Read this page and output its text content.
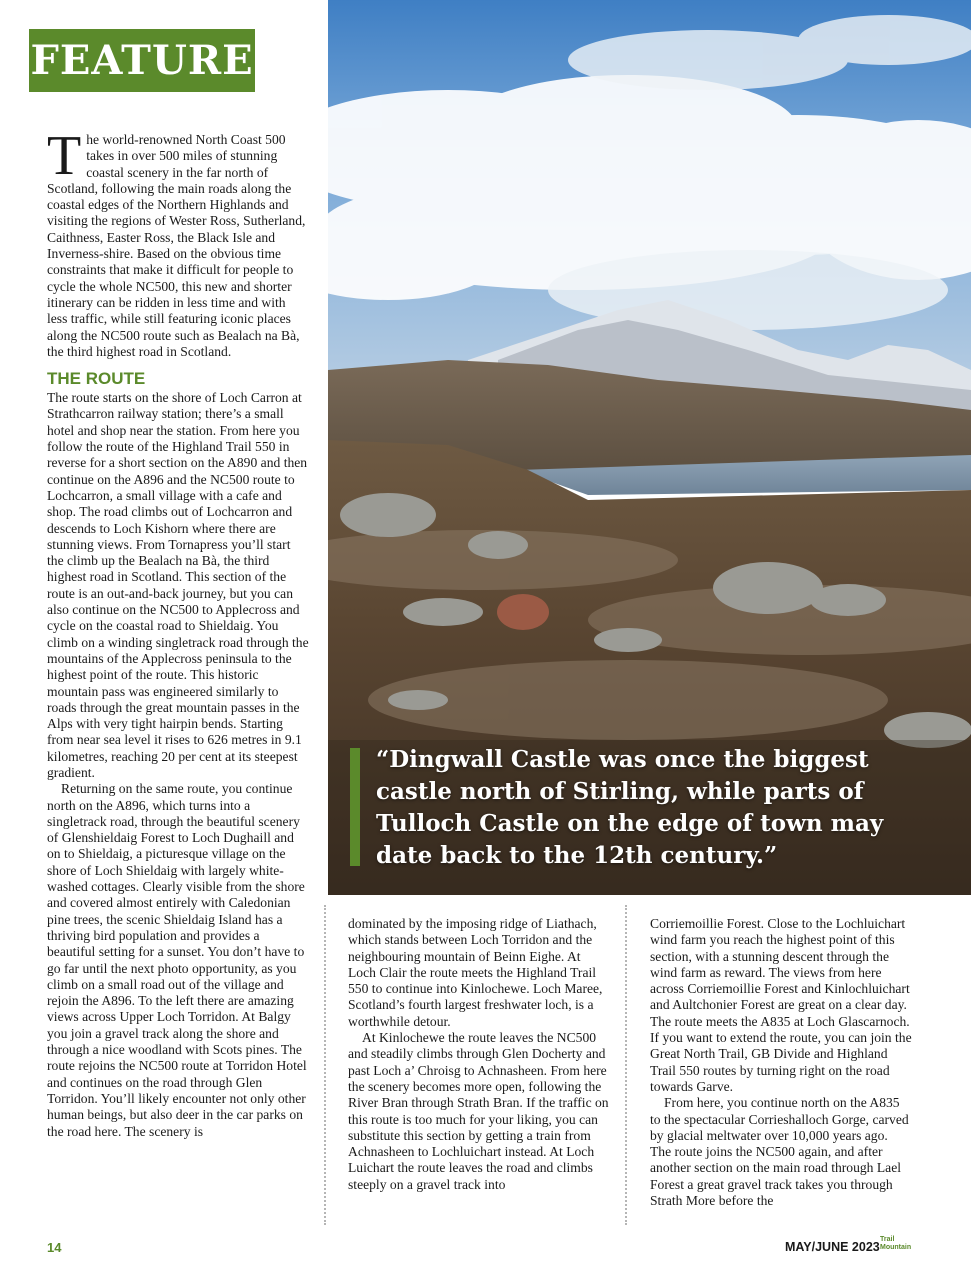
FEATURE

“Dingwall Castle was once the biggest castle north of Stirling, while parts of Tulloch Castle on the edge of town may date back to the 12th century.”

The world-renowned North Coast 500 takes in over 500 miles of stunning coastal scenery in the far north of Scotland, following the main roads along the coastal edges of the Northern Highlands and visiting the regions of Wester Ross, Sutherland, Caithness, Easter Ross, the Black Isle and Inverness-shire. Based on the obvious time constraints that make it difficult for people to cycle the whole NC500, this new and shorter itinerary can be ridden in less time and with less traffic, while still featuring iconic places along the NC500 route such as Bealach na Bà, the third highest road in Scotland.

THE ROUTE

The route starts on the shore of Loch Carron at Strathcarron railway station; there’s a small hotel and shop near the station. From here you follow the route of the Highland Trail 550 in reverse for a short section on the A890 and then continue on the A896 and the NC500 route to Lochcarron, a small village with a cafe and shop. The road climbs out of Lochcarron and descends to Loch Kishorn where there are stunning views. From Tornapress you’ll start the climb up the Bealach na Bà, the third highest road in Scotland. This section of the route is an out-and-back journey, but you can also continue on the NC500 to Applecross and cycle on the coastal road to Shieldaig. You climb on a winding singletrack road through the mountains of the Applecross peninsula to the highest point of the route. This historic mountain pass was engineered similarly to roads through the great mountain passes in the Alps with very tight hairpin bends. Starting from near sea level it rises to 626 metres in 9.1 kilometres, reaching 20 per cent at its steepest gradient.

Returning on the same route, you continue north on the A896, which turns into a singletrack road, through the beautiful scenery of Glenshieldaig Forest to Loch Dughaill and on to Shieldaig, a picturesque village on the shore of Loch Shieldaig with largely white-washed cottages. Clearly visible from the shore and covered almost entirely with Caledonian pine trees, the scenic Shieldaig Island has a thriving bird population and provides a beautiful setting for a sunset. You don’t have to go far until the next photo opportunity, as you climb on a small road out of the village and rejoin the A896. To the left there are amazing views across Upper Loch Torridon. At Balgy you join a gravel track along the shore and through a nice woodland with Scots pines. The route rejoins the NC500 route at Torridon Hotel and continues on the road through Glen Torridon. You’ll likely encounter not only other human beings, but also deer in the car parks on the road here. The scenery is

dominated by the imposing ridge of Liathach, which stands between Loch Torridon and the neighbouring mountain of Beinn Eighe. At Loch Clair the route meets the Highland Trail 550 to continue into Kinlochewe. Loch Maree, Scotland’s fourth largest freshwater loch, is a worthwhile detour.

At Kinlochewe the route leaves the NC500 and steadily climbs through Glen Docherty and past Loch a’ Chroisg to Achnasheen. From here the scenery becomes more open, following the River Bran through Strath Bran. If the traffic on this route is too much for your liking, you can substitute this section by getting a train from Achnasheen to Lochluichart instead. At Loch Luichart the route leaves the road and climbs steeply on a gravel track into

Corriemoillie Forest. Close to the Lochluichart wind farm you reach the highest point of this section, with a stunning descent through the wind farm as reward. The views from here across Corriemoillie Forest and Kinlochluichart and Aultchonier Forest are great on a clear day. The route meets the A835 at Loch Glascarnoch. If you want to extend the route, you can join the Great North Trail, GB Divide and Highland Trail 550 routes by turning right on the road towards Garve.

From here, you continue north on the A835 to the spectacular Corrieshalloch Gorge, carved by glacial meltwater over 10,000 years ago. The route joins the NC500 again, and after another section on the main road through Lael Forest a great gravel track takes you through Strath More before the

14	MAY/JUNE 2023
Trail
Mountain
